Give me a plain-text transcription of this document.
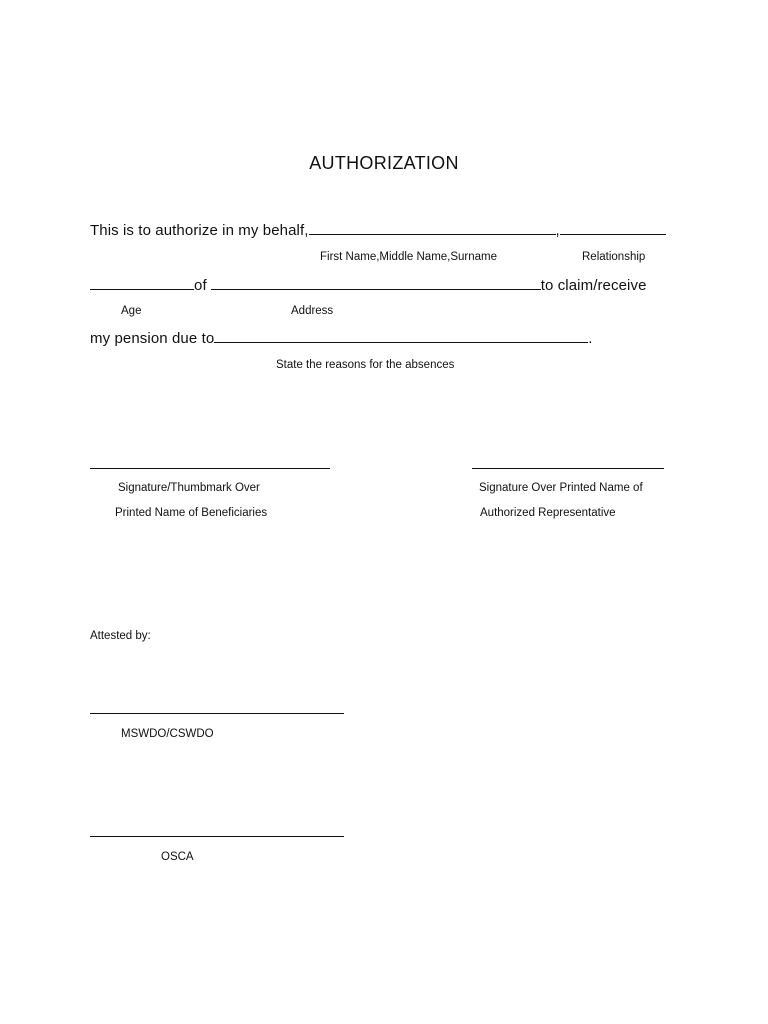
AUTHORIZATION
This is to authorize in my behalf,	,
First Name,Middle Name,Surname	Relationship
of	to claim/receive
Age	Address
my pension due to	.
State the reasons for the absences
Signature/Thumbmark Over
Printed Name of Beneficiaries
Signature Over Printed Name of
Authorized Representative
Attested by:
MSWDO/CSWDO
OSCA
